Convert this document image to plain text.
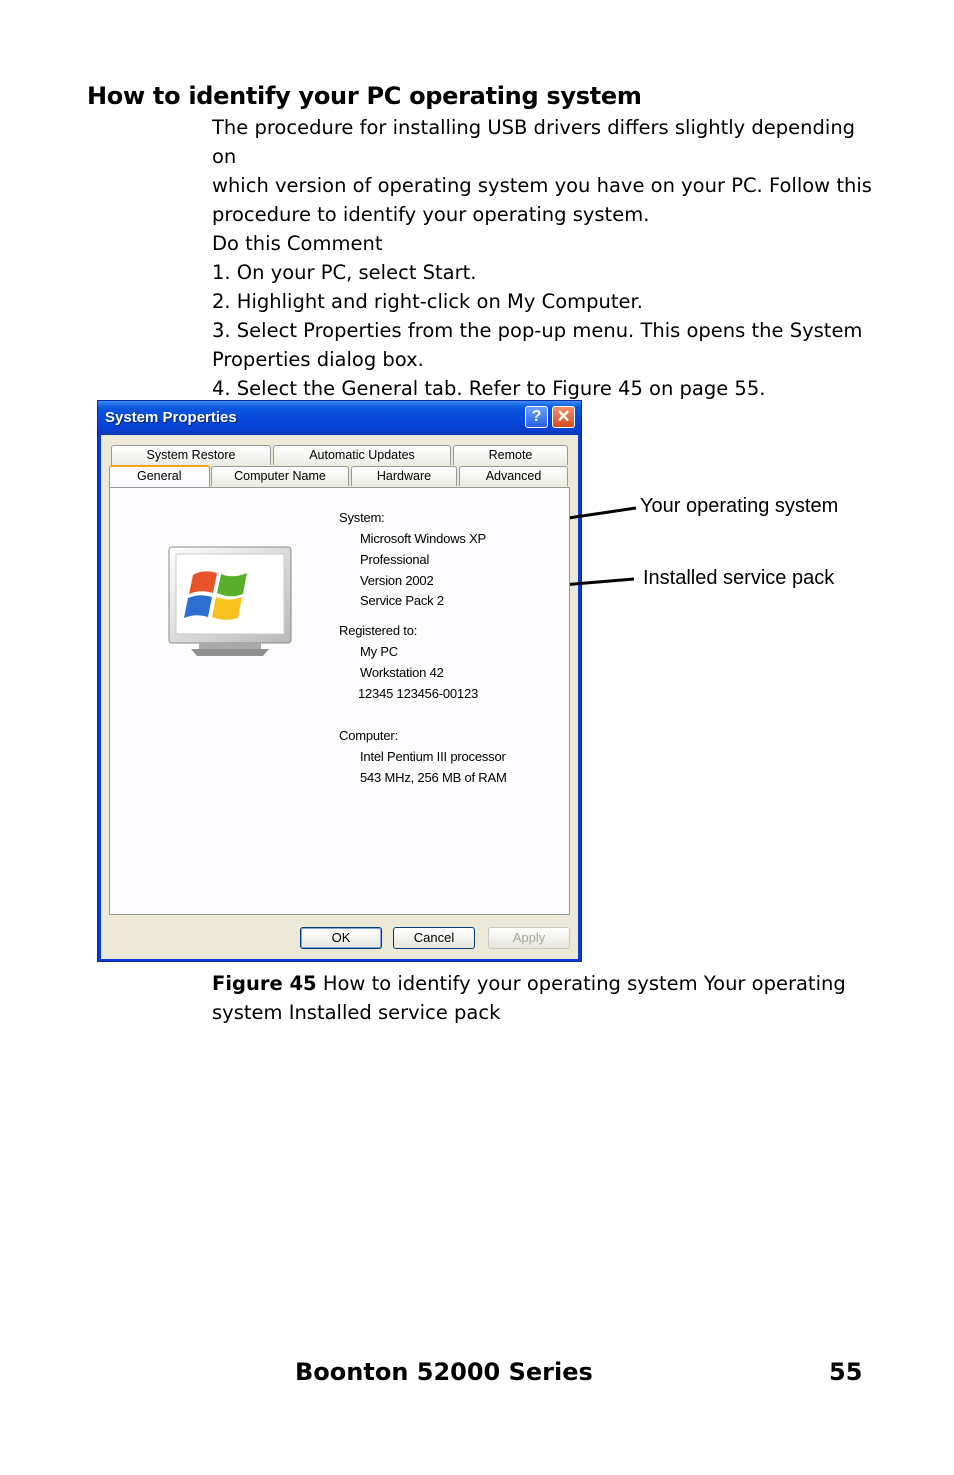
How to identify your PC operating system

The procedure for installing USB drivers differs slightly depending on

which version of operating system you have on your PC. Follow this

procedure to identify your operating system.

Do this Comment

1. On your PC, select Start.

2. Highlight and right-click on My Computer.

3. Select Properties from the pop-up menu. This opens the System

Properties dialog box.

4. Select the General tab. Refer to Figure 45 on page 55.

System Properties	? ✕
System Restore	Automatic Updates	Remote
General	Computer Name	Hardware	Advanced
System:
Microsoft Windows XP
Professional
Version 2002
Service Pack 2
Registered to:
My PC
Workstation 42
12345 123456-00123
Computer:
Intel Pentium III processor
543 MHz, 256 MB of RAM
OK	Cancel	Apply
Your operating system
Installed service pack
Figure 45 How to identify your operating system Your operating
system Installed service pack
Boonton 52000 Series	55
